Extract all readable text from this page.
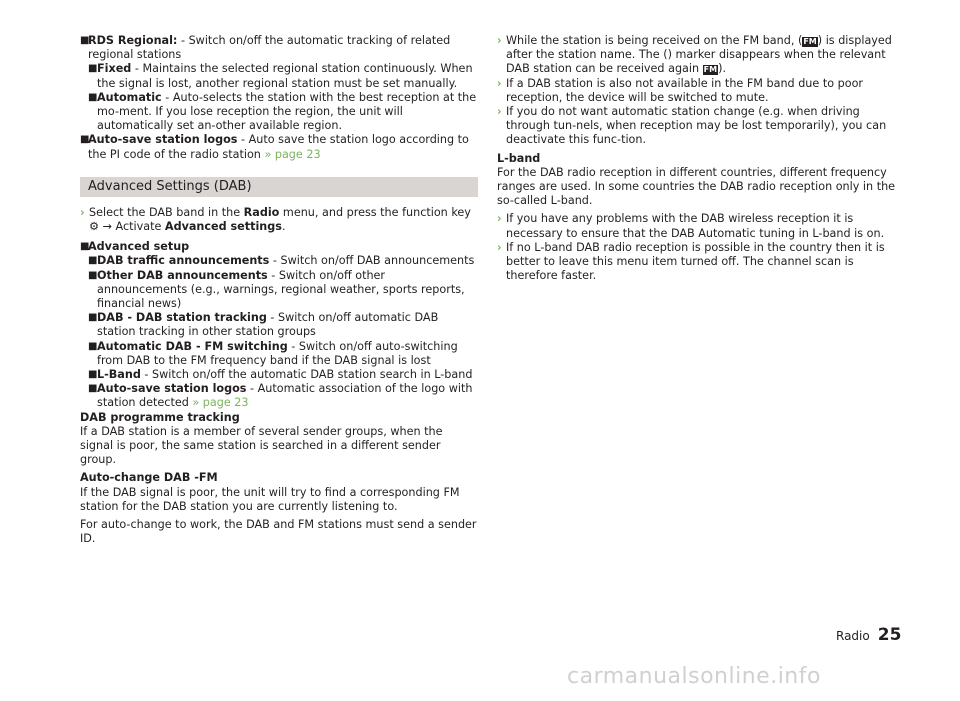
■
RDS Regional: - Switch on/off the automatic tracking of related regional stations
■ Fixed - Maintains the selected regional station continuously. When the signal is lost, another regional station must be set manually.
■ Automatic - Auto-selects the station with the best reception at the mo-ment. If you lose reception the region, the unit will automatically set an-other available region.
■
Auto-save station logos - Auto save the station logo according to the PI code of the radio station » page 23
Advanced Settings (DAB)
› Select the DAB band in the Radio menu, and press the function key ⚙ → Activate Advanced settings.
■
Advanced setup
■ DAB traffic announcements - Switch on/off DAB announcements
■ Other DAB announcements - Switch on/off other announcements (e.g., warnings, regional weather, sports reports, financial news)
■ DAB - DAB station tracking - Switch on/off automatic DAB station tracking in other station groups
■ Automatic DAB - FM switching - Switch on/off auto-switching from DAB to the FM frequency band if the DAB signal is lost
■ L-Band - Switch on/off the automatic DAB station search in L-band
■ Auto-save station logos - Automatic association of the logo with station detected » page 23

DAB programme tracking

If a DAB station is a member of several sender groups, when the signal is poor, the same station is searched in a different sender group.

Auto-change DAB -FM

If the DAB signal is poor, the unit will try to find a corresponding FM station for the DAB station you are currently listening to.

For auto-change to work, the DAB and FM stations must send a sender ID.

› While the station is being received on the FM band, (FM) is displayed after the station name. The () marker disappears when the relevant DAB station can be received again FM).
› If a DAB station is also not available in the FM band due to poor reception, the device will be switched to mute.
› If you do not want automatic station change (e.g. when driving through tun-nels, when reception may be lost temporarily), you can deactivate this func-tion.

L-band

For the DAB radio reception in different countries, different frequency ranges are used. In some countries the DAB radio reception only in the so-called L-band.

› If you have any problems with the DAB wireless reception it is necessary to ensure that the DAB Automatic tuning in L-band is on.
› If no L-band DAB radio reception is possible in the country then it is better to leave this menu item turned off. The channel scan is therefore faster.
Radio 25
carmanualsonline.info
